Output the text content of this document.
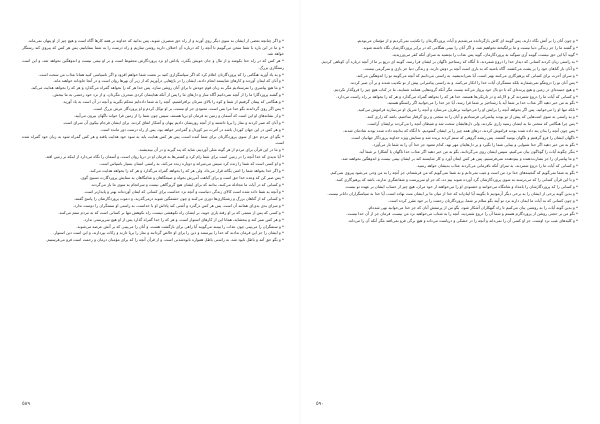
* و اگر چنانچه بعضی از ایشان به سوی دیگر روی آورند و از راه حق منصرف شوند، پس بدانید که خداوند بر همه کارها آگاه است و هیچ چیز از او پنهان نمی‌ماند.

* و ما در این باره با شما سخن می‌گوییم تا آنچه را که درباره آن اختلاف دارید روشن سازیم و راه درست را به شما بنمایانیم، پس هر کس که پیروی کند رستگار خواهد شد.

* هر کس که در راه خدا بکوشد و از مال و جان خویش بگذرد، پاداش او نزد پروردگارش محفوظ است و بر او بیمی نیست و اندوهگین نخواهد شد، و این است رستگاری بزرگ.

* و به یاد آورید هنگامی را که پروردگارتان اعلام کرد که اگر سپاسگزاری کنید بر نعمت شما خواهم افزود و اگر ناسپاسی کنید همانا عذاب من سخت است.

* و آنان که ایمان آوردند و کارهای شایسته انجام دادند، ایشان را در باغ‌هایی درآوریم که از زیر آن نهرها روان است و در آنجا جاودانه خواهند ماند.

* و ما هیچ پیامبری را نفرستادیم مگر به زبان قوم خودش تا برای آنان روشن سازد، پس خدا هر که را بخواهد گمراه می‌گذارد و هر که را بخواهد هدایت می‌کند.

* و گفتند پروردگارا ما را از آنچه نمی‌دانیم آگاه ساز و دل‌های ما را پس از آنکه هدایتمان کردی منحرف مگردان، و از نزد خود رحمتی به ما ببخش.

* و هنگامی که پیمان گرفتیم از شما و کوه را بالای سرتان برافراشتیم، آنچه را به شما داده‌ایم محکم بگیرید و آنچه در آن است به یاد آورید.

* پس اگر روی گرداندند بگو خدا مرا بس است، معبودی جز او نیست، بر او توکل کردم و او پروردگار عرش بزرگ است.

* و از نشانه‌های او این است که آسمان و زمین به فرمان او برپا هستند، سپس چون شما را از زمین فرا خواند ناگهان بیرون می‌آیید.

* و آنان که صبر کردند و نماز را برپا داشتند و از آنچه روزیشان دادیم پنهان و آشکار انفاق کردند، برای ایشان فرجام نیکوی آن سرای است.

* و هر کس در این جهان کوردل باشد در آخرت نیز کوردل و گمراه‌تر خواهد بود، پس از راه درست دور مانده است.

* بگو ای مردم حق از سوی پروردگارتان برای شما آمده است، پس هر کس هدایت یابد به سود خود هدایت یافته و هر کس گمراه شود به زیان خود گمراه شده است.

* و ما در این قرآن برای مردم از هر گونه مثلی آوردیم، شاید که پند گیرند و در آن بیندیشند.

* آیا ندیدی که خدا آنچه را در زمین است برای شما رام کرد و کشتی‌ها به فرمان او در دریا روان است، و آسمان را نگاه می‌دارد از اینکه بر زمین افتد.

* و او کسی است که شما را زنده کرد سپس می‌میراند و دوباره زنده می‌کند، به راستی انسان بسیار ناسپاس است.

* و اگر خدا بخواهد شما را امتی یگانه قرار می‌داد، ولی هر که را بخواهد گمراه می‌گذارد و هر که را بخواهد هدایت می‌کند.

* پس صبر کن که وعده خدا حق است و برای گناهت آمرزش بخواه و صبحگاهان و شامگاهان به ستایش پروردگارت تسبیح گوی.

* و کسانی که در آیات ما مجادله می‌کنند، بدانند که برای ایشان هیچ گریزگاهی نیست و سرانجام به سوی ما باز می‌گردند.

* و آنچه به شما داده شده است کالای زندگی دنیاست و آنچه نزد خداست برای کسانی که ایمان آورده‌اند بهتر و پایدارتر است.

* و کسانی که از گناهان بزرگ و زشتکاری‌ها دوری می‌کنند و چون خشمگین شوند درمی‌گذرند، و دعوت پروردگارشان را پاسخ گفتند.

* و سزای بدی بدی‌ای همانند آن است، پس هر کس درگذرد و آشتی کند پاداش او با خداست، به راستی او ستمگران را دوست ندارد.

* و کسی که پس از ستمی که بر او رفته یاری جوید، بر ایشان راه نکوهشی نیست، راه نکوهش تنها بر کسانی است که به مردم ستم می‌کنند.

* و هر کس صبر کند و ببخشاید، همانا این از کارهای استوار است، و هر که را خدا گمراه گذارد پس از او هیچ سرپرستی ندارد.

* و ستمگران را می‌بینی چون عذاب را ببینند می‌گویند آیا راهی برای بازگشت هست، و آنان را می‌بینی که بر آتش عرضه می‌شوند.

* و ایشان را جز این فرمان ندادند که خدا را بپرستند و دین را برای او خالص گردانند و نماز را برپا دارند و زکات بپردازند، و این است دین استوار.

* و بگو حق آمد و باطل نابود شد، به راستی باطل همواره نابودشدنی است، و از قرآن آنچه را که برای مؤمنان درمان و رحمت است فرو می‌فرستیم.

٥٨٩

* و چون آنان را بر آتش نگاه دارند، پس گویند ای کاش بازگردانده می‌شدیم و آیات پروردگارمان را تکذیب نمی‌کردیم و از مؤمنان می‌بودیم.

* و گفتند ما را جز زندگی دنیا نیست و ما برانگیخته نخواهیم شد، و اگر آنان را ببینی هنگامی که در برابر پروردگارشان نگاه داشته شوند.

* گوید آیا این حق نیست، گویند آری سوگند به پروردگارمان، گوید پس عذاب را بچشید به سزای آنکه کفر می‌ورزیدید.

* به راستی زیان کردند کسانی که دیدار خدا را دروغ شمردند، تا آنگاه که رستاخیز ناگهان بر ایشان فرا رسد، گویند ای دریغ بر ما از آنچه درباره آن کوتاهی کردیم.

* و آنان بار گناهان خود را بر پشت می‌کشند، آگاه باشید که بد باری است آنچه بر دوش دارند، و زندگی دنیا جز بازی و سرگرمی نیست.

* و سرای آخرت برای کسانی که پرهیزگاری می‌کنند بهتر است، آیا نمی‌اندیشید، به راستی می‌دانیم که آنچه می‌گویند تو را اندوهگین می‌کند.

* پس آنان تو را دروغگو نمی‌شمارند بلکه ستمگران آیات خدا را انکار می‌کنند، و به راستی پیامبرانی پیش از تو تکذیب شدند و بر آن صبر کردند.

* و هیچ جنبنده‌ای در زمین و هیچ پرنده‌ای که با دو بال خود پرواز می‌کند نیست مگر آنکه گروه‌هایی همانند شمایند، ما در کتاب هیچ چیز را فروگذار نکردیم.

* و کسانی که آیات ما را دروغ شمردند کر و لال‌اند و در تاریکی‌ها هستند، خدا هر که را بخواهد گمراه می‌گذارد و هر که را بخواهد بر راه راست می‌دارد.

* بگو به من خبر دهید اگر عذاب خدا بر شما آید یا رستاخیز بر شما فرا رسد، آیا جز خدا را می‌خوانید اگر راستگو هستید.

* بلکه تنها او را می‌خوانید، پس اگر بخواهد آنچه را برایش او را می‌خوانید برطرف می‌سازد و آنچه را شریک او می‌سازید فراموش می‌کنید.

* و به راستی به سوی امت‌هایی که پیش از تو بودند پیامبرانی فرستادیم و آنان را به سختی و رنج گرفتار ساختیم، باشد که زاری کنند.

* پس چرا هنگامی که سختی ما به ایشان رسید زاری نکردند، ولی دل‌هایشان سخت شد و شیطان آنچه را می‌کردند برایشان آراست.

* پس چون آنچه را بدان پند داده شده بودند فراموش کردند، درهای همه چیز را بر ایشان گشودیم، تا آنگاه که بدانچه داده شده بودند شادمان شدند.

* ناگهان ایشان را فرو گرفتیم و ناگهان نومید گشتند، پس ریشه گروهی که ستم کردند بریده شد و ستایش ویژه خداوند پروردگار جهانیان است.

* بگو به من خبر دهید اگر خدا شنوایی و بینایی شما را بگیرد و بر دل‌هایتان مهر نهد، کدام معبود جز خدا آن را به شما باز می‌آورد.

* بنگر چگونه آیات را گوناگون بیان می‌کنیم، سپس ایشان روی می‌گردانند، بگو به من خبر دهید اگر عذاب خدا ناگهان یا آشکارا بر شما آید.

* و ما پیامبران را جز بشارت‌دهنده و بیم‌دهنده نمی‌فرستیم، پس هر کس ایمان آورد و کار شایسته کند بر ایشان بیمی نیست و اندوهگین نخواهند شد.

* و کسانی که آیات ما را دروغ شمردند، به سزای آنکه نافرمانی می‌کردند عذاب بدیشان خواهد رسید.

* بگو به شما نمی‌گویم که گنجینه‌های خدا نزد من است و غیب نمی‌دانم و به شما نمی‌گویم که من فرشته‌ام، جز آنچه را به من وحی می‌شود پیروی نمی‌کنم.

* و با این قرآن کسانی را که می‌ترسند به سوی پروردگارشان گرد آورده شوند بیم ده، که جز او سرپرست و شفاعتگری ندارند، باشد که پرهیزگاری کنند.

* و کسانی را که پروردگارشان را بامداد و شامگاه می‌خوانند و خشنودی او را می‌خواهند از خود مران، هیچ چیز از حساب ایشان بر عهده تو نیست.

* و بدین گونه برخی از ایشان را به برخی دیگر آزمودیم تا بگویند آیا اینان‌اند که خدا از میان ما بر ایشان منت نهاده است، آیا خدا به سپاسگزاران داناتر نیست.

* و چون کسانی که به آیات ما ایمان دارند نزد تو آیند بگو سلام بر شما، پروردگارتان رحمت را بر خود مقرر کرده است.

* و بدین گونه آیات را به روشنی بیان می‌کنیم تا راه گنهکاران آشکار شود، بگو من از پرستش آنان که جز خدا می‌خوانید نهی شده‌ام.

* بگو من بر حجتی روشن از پروردگارم هستم و شما آن را دروغ شمردید، آنچه را به شتاب می‌خواهید نزد من نیست، فرمان جز از آن خدا نیست.

* و کلیدهای غیب نزد اوست، جز او کسی آن را نمی‌داند و آنچه را در خشکی و دریاست می‌داند و هیچ برگی فرو نمی‌افتد مگر آنکه آن را می‌داند.

٥٩٠
